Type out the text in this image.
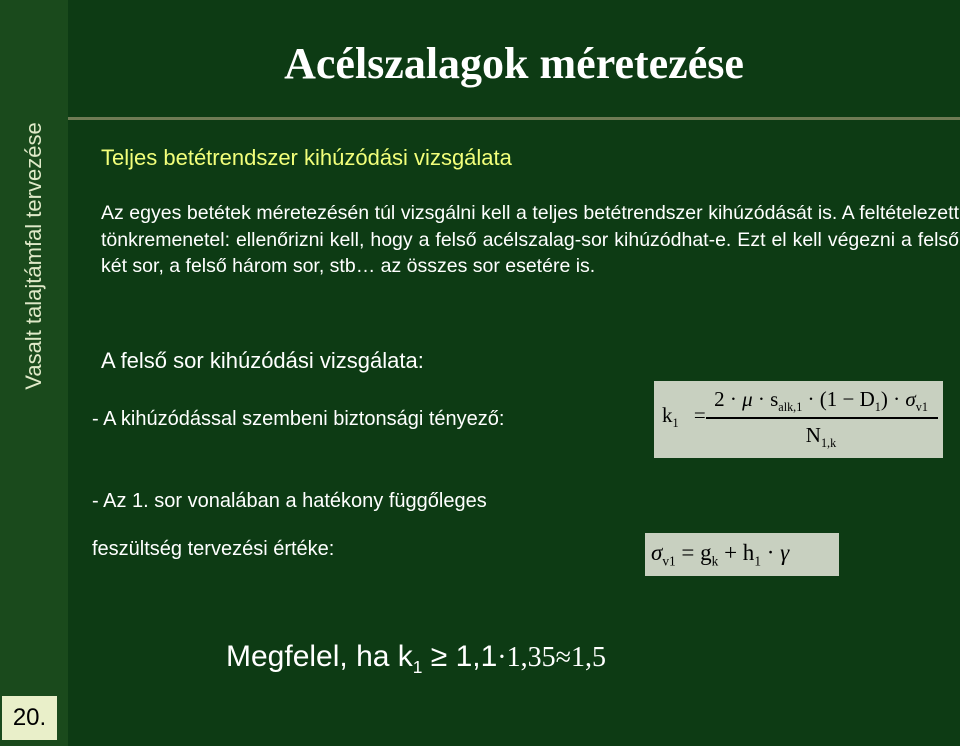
Vasalt talajtámfal tervezése
20.
Acélszalagok méretezése
Teljes betétrendszer kihúzódási vizsgálata
Az egyes betétek méretezésén túl vizsgálni kell a teljes betétrendszer kihúzódását is. A feltételezett tönkremenetel: ellenőrizni kell, hogy a felső acélszalag-sor kihúzódhat-e. Ezt el kell végezni a felső két sor, a felső három sor, stb… az összes sor esetére is.
A felső sor kihúzódási vizsgálata:
- A kihúzódással szembeni biztonsági tényező:
- Az 1. sor vonalában a hatékony függőleges
feszültség tervezési értéke:
$k_1$ =
$2 \cdot \mu \cdot s_{alk,1} \cdot (1 - D_1) \cdot \sigma_{v1}$
$N_{1,k}$
$\sigma_{v1} = g_k + h_1 \cdot \gamma$
Megfelel, ha $k_1 \ge 1,1\cdot 1,35\approx 1,5$
